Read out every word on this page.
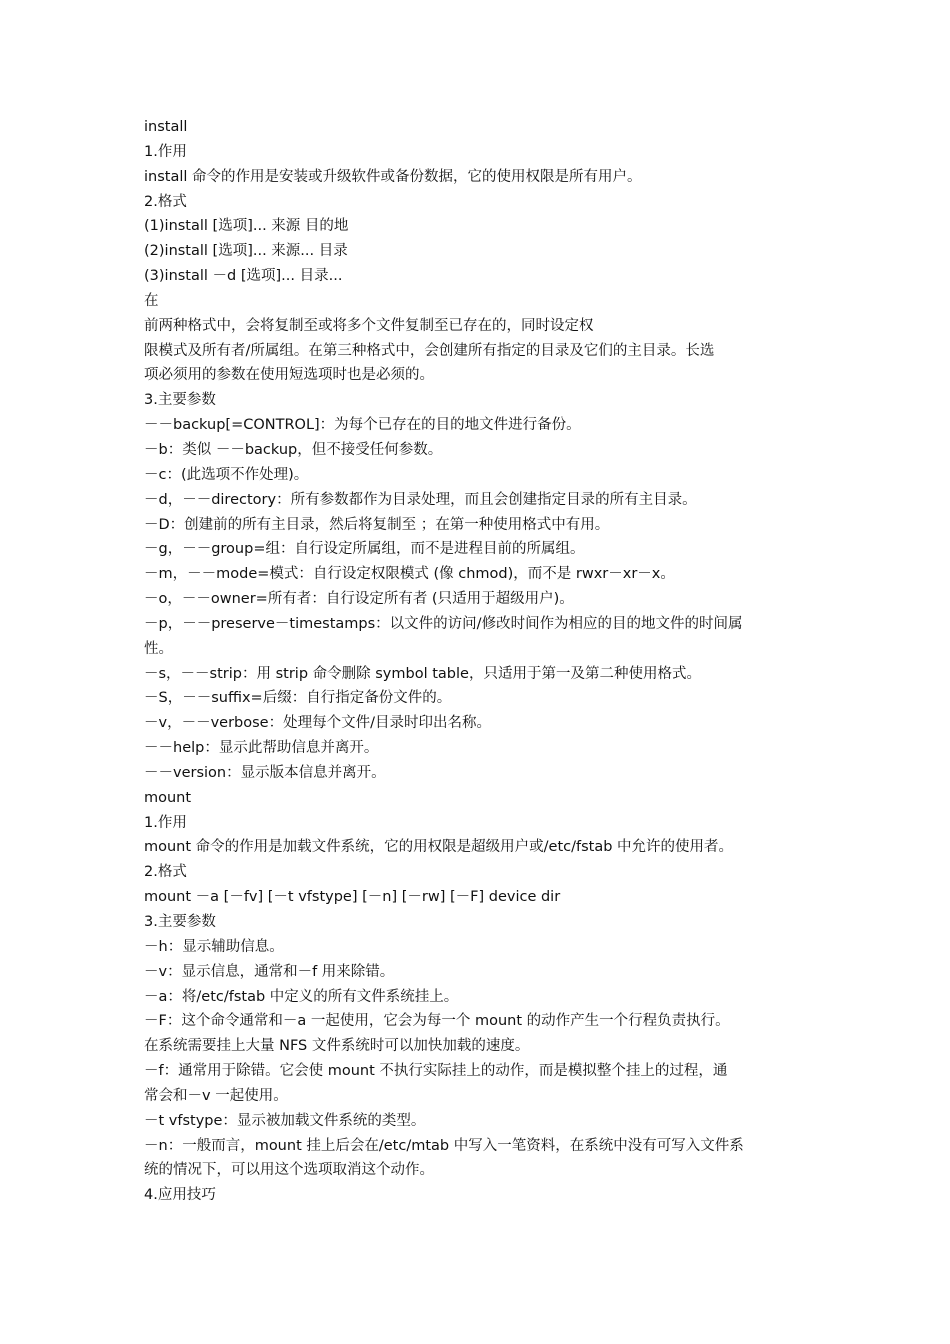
install
1.作用
install 命令的作用是安装或升级软件或备份数据，它的使用权限是所有用户。
2.格式
(1)install [选项]... 来源 目的地
(2)install [选项]... 来源... 目录
(3)install －d [选项]... 目录...
在
前两种格式中，会将复制至或将多个文件复制至已存在的，同时设定权
限模式及所有者/所属组。在第三种格式中，会创建所有指定的目录及它们的主目录。长选
项必须用的参数在使用短选项时也是必须的。
3.主要参数
－－backup[=CONTROL]：为每个已存在的目的地文件进行备份。
－b：类似 －－backup，但不接受任何参数。
－c：(此选项不作处理)。
－d，－－directory：所有参数都作为目录处理，而且会创建指定目录的所有主目录。
－D：创建前的所有主目录，然后将复制至 ；在第一种使用格式中有用。
－g，－－group=组：自行设定所属组，而不是进程目前的所属组。
－m，－－mode=模式：自行设定权限模式 (像 chmod)，而不是 rwxr－xr－x。
－o，－－owner=所有者：自行设定所有者 (只适用于超级用户)。
－p，－－preserve－timestamps：以文件的访问/修改时间作为相应的目的地文件的时间属
性。
－s，－－strip：用 strip 命令删除 symbol table，只适用于第一及第二种使用格式。
－S，－－suffix=后缀：自行指定备份文件的。
－v，－－verbose：处理每个文件/目录时印出名称。
－－help：显示此帮助信息并离开。
－－version：显示版本信息并离开。
mount
1.作用
mount 命令的作用是加载文件系统，它的用权限是超级用户或/etc/fstab 中允许的使用者。
2.格式
mount －a [－fv] [－t vfstype] [－n] [－rw] [－F] device dir
3.主要参数
－h：显示辅助信息。
－v：显示信息，通常和－f 用来除错。
－a：将/etc/fstab 中定义的所有文件系统挂上。
－F：这个命令通常和－a 一起使用，它会为每一个 mount 的动作产生一个行程负责执行。
在系统需要挂上大量 NFS 文件系统时可以加快加载的速度。
－f：通常用于除错。它会使 mount 不执行实际挂上的动作，而是模拟整个挂上的过程，通
常会和－v 一起使用。
－t vfstype：显示被加载文件系统的类型。
－n：一般而言，mount 挂上后会在/etc/mtab 中写入一笔资料，在系统中没有可写入文件系
统的情况下，可以用这个选项取消这个动作。
4.应用技巧
